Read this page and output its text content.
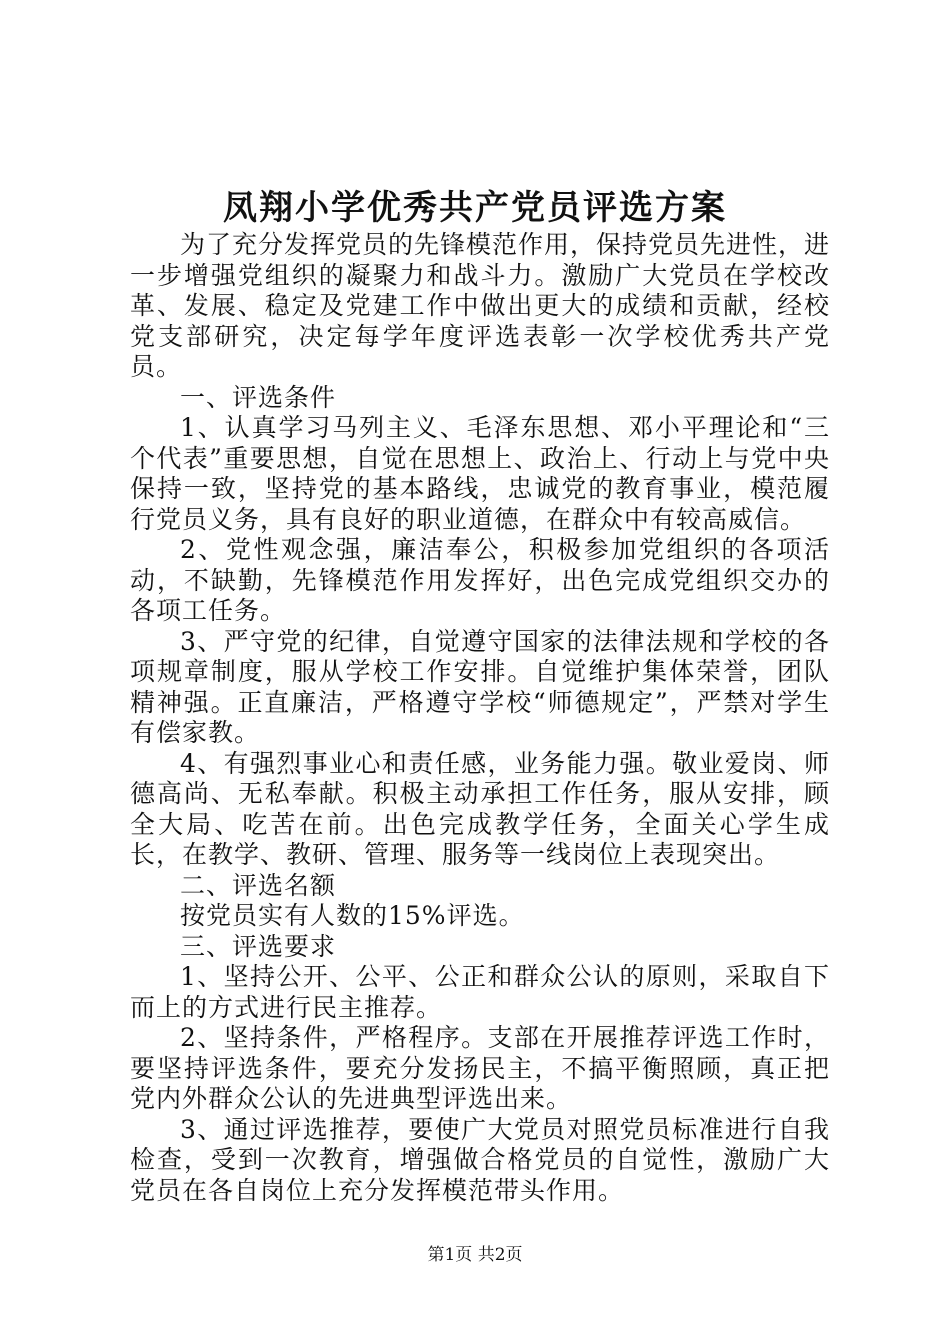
凤翔小学优秀共产党员评选方案

为了充分发挥党员的先锋模范作用，保持党员先进性，进一步增强党组织的凝聚力和战斗力。激励广大党员在学校改革、发展、稳定及党建工作中做出更大的成绩和贡献，经校党支部研究，决定每学年度评选表彰一次学校优秀共产党员。

一、评选条件

1、认真学习马列主义、毛泽东思想、邓小平理论和“三个代表”重要思想，自觉在思想上、政治上、行动上与党中央保持一致，坚持党的基本路线，忠诚党的教育事业，模范履行党员义务，具有良好的职业道德，在群众中有较高威信。

2、党性观念强，廉洁奉公，积极参加党组织的各项活动，不缺勤，先锋模范作用发挥好，出色完成党组织交办的各项工任务。

3、严守党的纪律，自觉遵守国家的法律法规和学校的各项规章制度，服从学校工作安排。自觉维护集体荣誉，团队精神强。正直廉洁，严格遵守学校“师德规定”，严禁对学生有偿家教。

4、有强烈事业心和责任感，业务能力强。敬业爱岗、师德高尚、无私奉献。积极主动承担工作任务，服从安排，顾全大局、吃苦在前。出色完成教学任务，全面关心学生成长，在教学、教研、管理、服务等一线岗位上表现突出。

二、评选名额

按党员实有人数的15%评选。

三、评选要求

1、坚持公开、公平、公正和群众公认的原则，采取自下而上的方式进行民主推荐。

2、坚持条件，严格程序。支部在开展推荐评选工作时，要坚持评选条件，要充分发扬民主，不搞平衡照顾，真正把党内外群众公认的先进典型评选出来。

3、通过评选推荐，要使广大党员对照党员标准进行自我检查，受到一次教育，增强做合格党员的自觉性，激励广大党员在各自岗位上充分发挥模范带头作用。

第1页 共2页
